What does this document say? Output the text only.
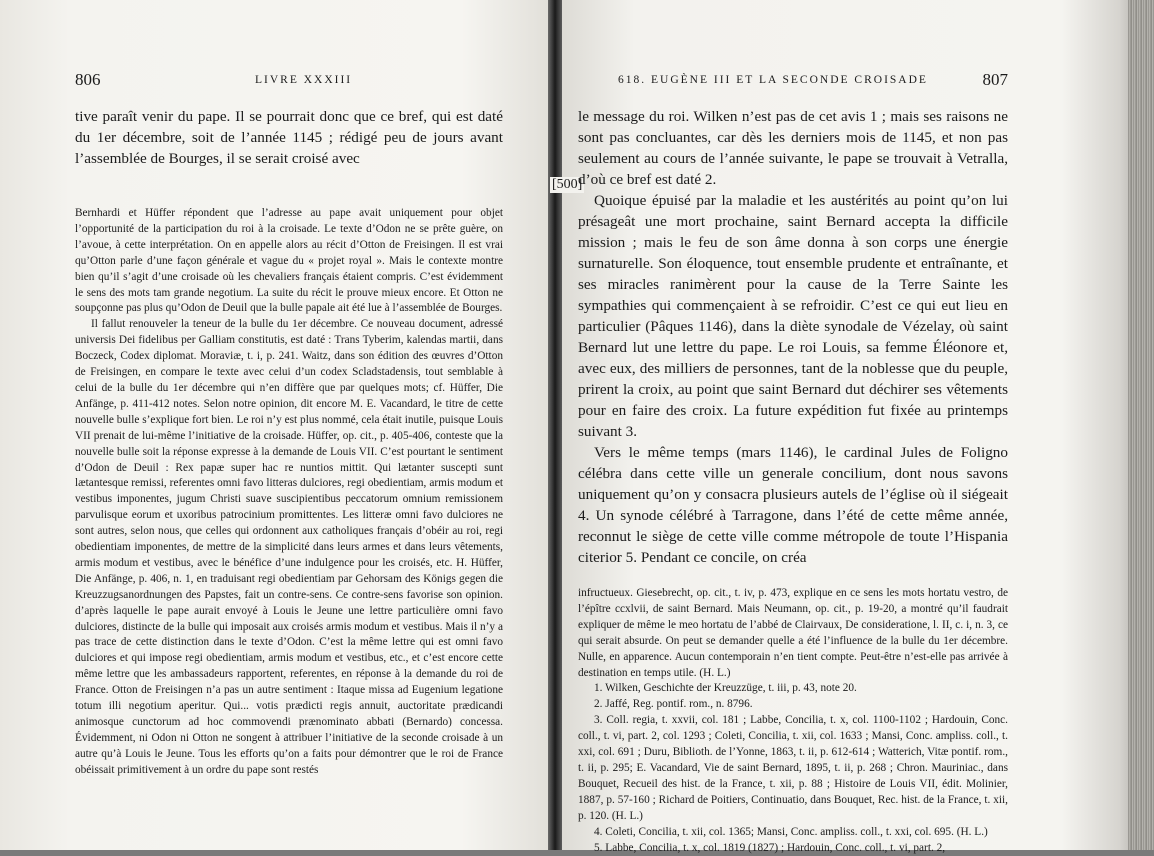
806	LIVRE XXXIII

tive paraît venir du pape. Il se pourrait donc que ce bref, qui est daté du 1er décembre, soit de l’année 1145 ; rédigé peu de jours avant l’assemblée de Bourges, il se serait croisé avec

Bernhardi et Hüffer répondent que l’adresse au pape avait uniquement pour objet l’opportunité de la participation du roi à la croisade. Le texte d’Odon ne se prête guère, on l’avoue, à cette interprétation. On en appelle alors au récit d’Otton de Freisingen. Il est vrai qu’Otton parle d’une façon générale et vague du « projet royal ». Mais le contexte montre bien qu’il s’agit d’une croisade où les chevaliers français étaient compris. C’est évidemment le sens des mots tam grande negotium. La suite du récit le prouve mieux encore. Et Otton ne soupçonne pas plus qu’Odon de Deuil que la bulle papale ait été lue à l’assemblée de Bourges.

Il fallut renouveler la teneur de la bulle du 1er décembre. Ce nouveau document, adressé universis Dei fidelibus per Galliam constitutis, est daté : Trans Tyberim, kalendas martii, dans Boczeck, Codex diplomat. Moraviæ, t. i, p. 241. Waitz, dans son édition des œuvres d’Otton de Freisingen, en compare le texte avec celui d’un codex Scladstadensis, tout semblable à celui de la bulle du 1er décembre qui n’en diffère que par quelques mots; cf. Hüffer, Die Anfänge, p. 411-412 notes. Selon notre opinion, dit encore M. E. Vacandard, le titre de cette nouvelle bulle s’explique fort bien. Le roi n’y est plus nommé, cela était inutile, puisque Louis VII prenait de lui-même l’initiative de la croisade. Hüffer, op. cit., p. 405-406, conteste que la nouvelle bulle soit la réponse expresse à la demande de Louis VII. C’est pourtant le sentiment d’Odon de Deuil : Rex papæ super hac re nuntios mittit. Qui lætanter suscepti sunt lætantesque remissi, referentes omni favo litteras dulciores, regi obedientiam, armis modum et vestibus imponentes, jugum Christi suave suscipientibus peccatorum omnium remissionem parvulisque eorum et uxoribus patrocinium promittentes. Les litteræ omni favo dulciores ne sont autres, selon nous, que celles qui ordonnent aux catholiques français d’obéir au roi, regi obedientiam imponentes, de mettre de la simplicité dans leurs armes et dans leurs vêtements, armis modum et vestibus, avec le bénéfice d’une indulgence pour les croisés, etc. H. Hüffer, Die Anfänge, p. 406, n. 1, en traduisant regi obedientiam par Gehorsam des Königs gegen die Kreuzzugsanordnungen des Papstes, fait un contre-sens. Ce contre-sens favorise son opinion. d’après laquelle le pape aurait envoyé à Louis le Jeune une lettre particulière omni favo dulciores, distincte de la bulle qui imposait aux croisés armis modum et vestibus. Mais il n’y a pas trace de cette distinction dans le texte d’Odon. C’est la même lettre qui est omni favo dulciores et qui impose regi obedientiam, armis modum et vestibus, etc., et c’est encore cette même lettre que les ambassadeurs rapportent, referentes, en réponse à la demande du roi de France. Otton de Freisingen n’a pas un autre sentiment : Itaque missa ad Eugenium legatione totum illi negotium aperitur. Qui... votis prædicti regis annuit, auctoritate prædicandi animosque cunctorum ad hoc commovendi prænominato abbati (Bernardo) concessa. Évidemment, ni Odon ni Otton ne songent à attribuer l’initiative de la seconde croisade à un autre qu’à Louis le Jeune. Tous les efforts qu’on a faits pour démontrer que le roi de France obéissait primitivement à un ordre du pape sont restés

[500]
618. EUGÈNE III ET LA SECONDE CROISADE	807

le message du roi. Wilken n’est pas de cet avis 1 ; mais ses raisons ne sont pas concluantes, car dès les derniers mois de 1145, et non pas seulement au cours de l’année suivante, le pape se trouvait à Vetralla, d’où ce bref est daté 2.

Quoique épuisé par la maladie et les austérités au point qu’on lui présageât une mort prochaine, saint Bernard accepta la difficile mission ; mais le feu de son âme donna à son corps une énergie surnaturelle. Son éloquence, tout ensemble prudente et entraînante, et ses miracles ranimèrent pour la cause de la Terre Sainte les sympathies qui commençaient à se refroidir. C’est ce qui eut lieu en particulier (Pâques 1146), dans la diète synodale de Vézelay, où saint Bernard lut une lettre du pape. Le roi Louis, sa femme Éléonore et, avec eux, des milliers de personnes, tant de la noblesse que du peuple, prirent la croix, au point que saint Bernard dut déchirer ses vêtements pour en faire des croix. La future expédition fut fixée au printemps suivant 3.

Vers le même temps (mars 1146), le cardinal Jules de Foligno célébra dans cette ville un generale concilium, dont nous savons uniquement qu’on y consacra plusieurs autels de l’église où il siégeait 4. Un synode célébré à Tarragone, dans l’été de cette même année, reconnut le siège de cette ville comme métropole de toute l’Hispania citerior 5. Pendant ce concile, on créa

infructueux. Giesebrecht, op. cit., t. iv, p. 473, explique en ce sens les mots hortatu vestro, de l’épître ccxlvii, de saint Bernard. Mais Neumann, op. cit., p. 19-20, a montré qu’il faudrait expliquer de même le meo hortatu de l’abbé de Clairvaux, De consideratione, l. II, c. i, n. 3, ce qui serait absurde. On peut se demander quelle a été l’influence de la bulle du 1er décembre. Nulle, en apparence. Aucun contemporain n’en tient compte. Peut-être n’est-elle pas arrivée à destination en temps utile. (H. L.)

1. Wilken, Geschichte der Kreuzzüge, t. iii, p. 43, note 20.
2. Jaffé, Reg. pontif. rom., n. 8796.
3. Coll. regia, t. xxvii, col. 181 ; Labbe, Concilia, t. x, col. 1100-1102 ; Hardouin, Conc. coll., t. vi, part. 2, col. 1293 ; Coleti, Concilia, t. xii, col. 1633 ; Mansi, Conc. ampliss. coll., t. xxi, col. 691 ; Duru, Biblioth. de l’Yonne, 1863, t. ii, p. 612-614 ; Watterich, Vitæ pontif. rom., t. ii, p. 295; E. Vacandard, Vie de saint Bernard, 1895, t. ii, p. 268 ; Chron. Mauriniac., dans Bouquet, Recueil des hist. de la France, t. xii, p. 88 ; Histoire de Louis VII, édit. Molinier, 1887, p. 57-160 ; Richard de Poitiers, Continuatio, dans Bouquet, Rec. hist. de la France, t. xii, p. 120. (H. L.)
4. Coleti, Concilia, t. xii, col. 1365; Mansi, Conc. ampliss. coll., t. xxi, col. 695. (H. L.)
5. Labbe, Concilia, t. x, col. 1819 (1827) ; Hardouin, Conc. coll., t. vi, part. 2,
